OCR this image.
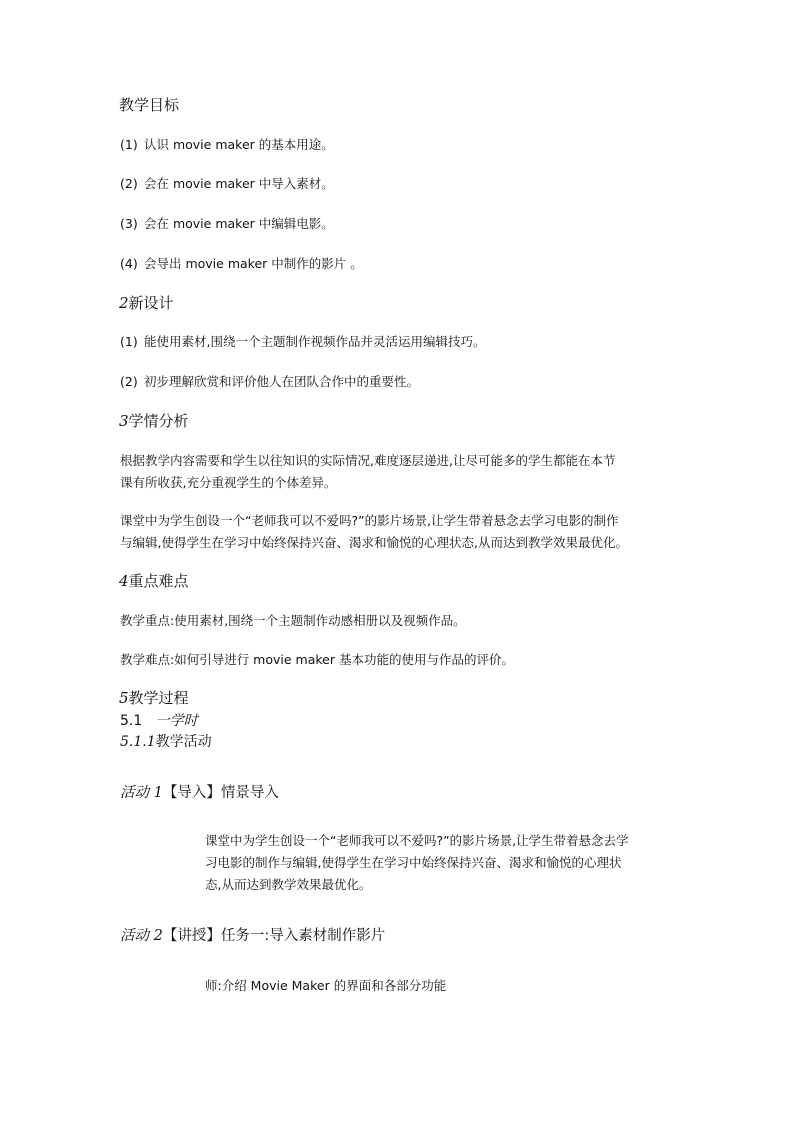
教学目标
(1) 认识 movie maker 的基本用途。
(2) 会在 movie maker 中导入素材。
(3) 会在 movie maker 中编辑电影。
(4) 会导出 movie maker 中制作的影片 。
2新设计
(1) 能使用素材,围绕一个主题制作视频作品并灵活运用编辑技巧。
(2) 初步理解欣赏和评价他人在团队合作中的重要性。
3学情分析
根据教学内容需要和学生以往知识的实际情况,难度逐层递进,让尽可能多的学生都能在本节
课有所收获,充分重视学生的个体差异。
课堂中为学生创设一个“老师我可以不爱吗?”的影片场景,让学生带着悬念去学习电影的制作
与编辑,使得学生在学习中始终保持兴奋、渴求和愉悦的心理状态,从而达到教学效果最优化。
4重点难点
教学重点:使用素材,围绕一个主题制作动感相册以及视频作品。
教学难点:如何引导进行 movie maker 基本功能的使用与作品的评价。
5教学过程
5.1 一学时
5.1.1教学活动
活动 1【导入】情景导入
课堂中为学生创设一个“老师我可以不爱吗?”的影片场景,让学生带着悬念去学
习电影的制作与编辑,使得学生在学习中始终保持兴奋、渴求和愉悦的心理状
态,从而达到教学效果最优化。
活动 2【讲授】任务一:导入素材制作影片
师:介绍 Movie Maker 的界面和各部分功能
